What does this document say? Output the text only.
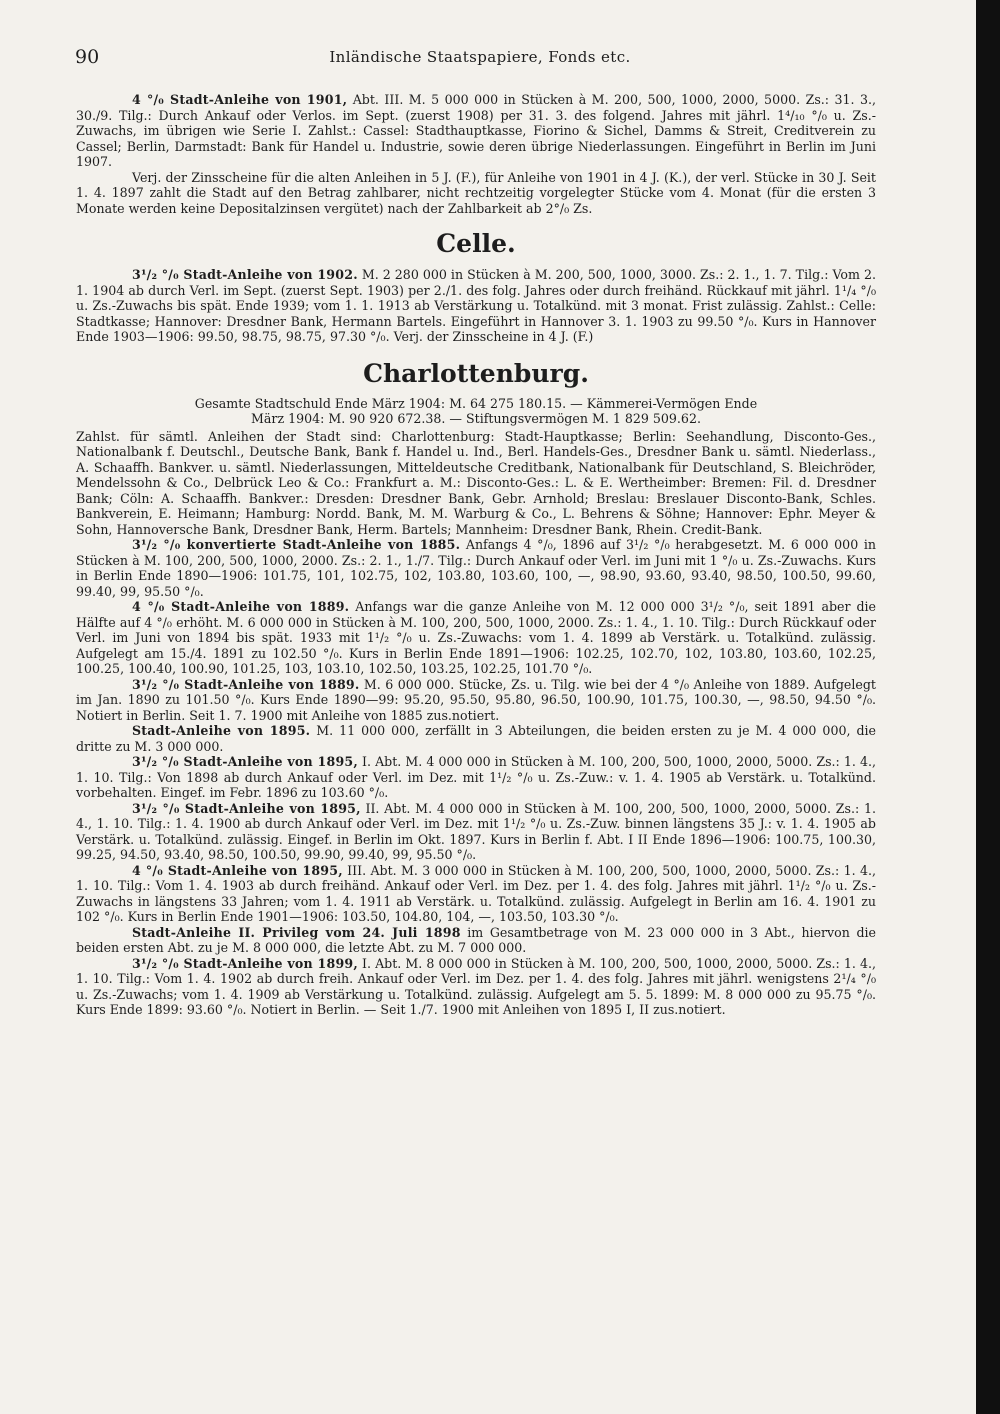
90	Inländische Staatspapiere, Fonds etc.

4 °/₀ Stadt-Anleihe von 1901, Abt. III. M. 5 000 000 in Stücken à M. 200, 500, 1000, 2000, 5000. Zs.: 31. 3., 30./9. Tilg.: Durch Ankauf oder Verlos. im Sept. (zuerst 1908) per 31. 3. des folgend. Jahres mit jährl. 1⁴/₁₀ °/₀ u. Zs.-Zuwachs, im übrigen wie Serie I. Zahlst.: Cassel: Stadthauptkasse, Fiorino & Sichel, Damms & Streit, Creditverein zu Cassel; Berlin, Darmstadt: Bank für Handel u. Industrie, sowie deren übrige Niederlassungen. Eingeführt in Berlin im Juni 1907.

Verj. der Zinsscheine für die alten Anleihen in 5 J. (F.), für Anleihe von 1901 in 4 J. (K.), der verl. Stücke in 30 J. Seit 1. 4. 1897 zahlt die Stadt auf den Betrag zahlbarer, nicht rechtzeitig vorgelegter Stücke vom 4. Monat (für die ersten 3 Monate werden keine Depositalzinsen vergütet) nach der Zahlbarkeit ab 2°/₀ Zs.

Celle.

3¹/₂ °/₀ Stadt-Anleihe von 1902. M. 2 280 000 in Stücken à M. 200, 500, 1000, 3000. Zs.: 2. 1., 1. 7. Tilg.: Vom 2. 1. 1904 ab durch Verl. im Sept. (zuerst Sept. 1903) per 2./1. des folg. Jahres oder durch freihänd. Rückkauf mit jährl. 1¹/₄ °/₀ u. Zs.-Zuwachs bis spät. Ende 1939; vom 1. 1. 1913 ab Verstärkung u. Totalkünd. mit 3 monat. Frist zulässig. Zahlst.: Celle: Stadtkasse; Hannover: Dresdner Bank, Hermann Bartels. Eingeführt in Hannover 3. 1. 1903 zu 99.50 °/₀. Kurs in Hannover Ende 1903—1906: 99.50, 98.75, 98.75, 97.30 °/₀. Verj. der Zinsscheine in 4 J. (F.)

Charlottenburg.

Gesamte Stadtschuld Ende März 1904: M. 64 275 180.15. — Kämmerei-Vermögen Ende

März 1904: M. 90 920 672.38. — Stiftungsvermögen M. 1 829 509.62.

Zahlst. für sämtl. Anleihen der Stadt sind: Charlottenburg: Stadt-Hauptkasse; Berlin: Seehandlung, Disconto-Ges., Nationalbank f. Deutschl., Deutsche Bank, Bank f. Handel u. Ind., Berl. Handels-Ges., Dresdner Bank u. sämtl. Niederlass., A. Schaaffh. Bankver. u. sämtl. Niederlassungen, Mitteldeutsche Creditbank, Nationalbank für Deutschland, S. Bleichröder, Mendelssohn & Co., Delbrück Leo & Co.: Frankfurt a. M.: Disconto-Ges.: L. & E. Wertheimber: Bremen: Fil. d. Dresdner Bank; Cöln: A. Schaaffh. Bankver.: Dresden: Dresdner Bank, Gebr. Arnhold; Breslau: Breslauer Disconto-Bank, Schles. Bankverein, E. Heimann; Hamburg: Nordd. Bank, M. M. Warburg & Co., L. Behrens & Söhne; Hannover: Ephr. Meyer & Sohn, Hannoversche Bank, Dresdner Bank, Herm. Bartels; Mannheim: Dresdner Bank, Rhein. Credit-Bank.

3¹/₂ °/₀ konvertierte Stadt-Anleihe von 1885. Anfangs 4 °/₀, 1896 auf 3¹/₂ °/₀ herabgesetzt. M. 6 000 000 in Stücken à M. 100, 200, 500, 1000, 2000. Zs.: 2. 1., 1./7. Tilg.: Durch Ankauf oder Verl. im Juni mit 1 °/₀ u. Zs.-Zuwachs. Kurs in Berlin Ende 1890—1906: 101.75, 101, 102.75, 102, 103.80, 103.60, 100, —, 98.90, 93.60, 93.40, 98.50, 100.50, 99.60, 99.40, 99, 95.50 °/₀.

4 °/₀ Stadt-Anleihe von 1889. Anfangs war die ganze Anleihe von M. 12 000 000 3¹/₂ °/₀, seit 1891 aber die Hälfte auf 4 °/₀ erhöht. M. 6 000 000 in Stücken à M. 100, 200, 500, 1000, 2000. Zs.: 1. 4., 1. 10. Tilg.: Durch Rückkauf oder Verl. im Juni von 1894 bis spät. 1933 mit 1¹/₂ °/₀ u. Zs.-Zuwachs: vom 1. 4. 1899 ab Verstärk. u. Totalkünd. zulässig. Aufgelegt am 15./4. 1891 zu 102.50 °/₀. Kurs in Berlin Ende 1891—1906: 102.25, 102.70, 102, 103.80, 103.60, 102.25, 100.25, 100.40, 100.90, 101.25, 103, 103.10, 102.50, 103.25, 102.25, 101.70 °/₀.

3¹/₂ °/₀ Stadt-Anleihe von 1889. M. 6 000 000. Stücke, Zs. u. Tilg. wie bei der 4 °/₀ Anleihe von 1889. Aufgelegt im Jan. 1890 zu 101.50 °/₀. Kurs Ende 1890—99: 95.20, 95.50, 95.80, 96.50, 100.90, 101.75, 100.30, —, 98.50, 94.50 °/₀. Notiert in Berlin. Seit 1. 7. 1900 mit Anleihe von 1885 zus.notiert.

Stadt-Anleihe von 1895. M. 11 000 000, zerfällt in 3 Abteilungen, die beiden ersten zu je M. 4 000 000, die dritte zu M. 3 000 000.

3¹/₂ °/₀ Stadt-Anleihe von 1895, I. Abt. M. 4 000 000 in Stücken à M. 100, 200, 500, 1000, 2000, 5000. Zs.: 1. 4., 1. 10. Tilg.: Von 1898 ab durch Ankauf oder Verl. im Dez. mit 1¹/₂ °/₀ u. Zs.-Zuw.: v. 1. 4. 1905 ab Verstärk. u. Totalkünd. vorbehalten. Eingef. im Febr. 1896 zu 103.60 °/₀.

3¹/₂ °/₀ Stadt-Anleihe von 1895, II. Abt. M. 4 000 000 in Stücken à M. 100, 200, 500, 1000, 2000, 5000. Zs.: 1. 4., 1. 10. Tilg.: 1. 4. 1900 ab durch Ankauf oder Verl. im Dez. mit 1¹/₂ °/₀ u. Zs.-Zuw. binnen längstens 35 J.: v. 1. 4. 1905 ab Verstärk. u. Totalkünd. zulässig. Eingef. in Berlin im Okt. 1897. Kurs in Berlin f. Abt. I II Ende 1896—1906: 100.75, 100.30, 99.25, 94.50, 93.40, 98.50, 100.50, 99.90, 99.40, 99, 95.50 °/₀.

4 °/₀ Stadt-Anleihe von 1895, III. Abt. M. 3 000 000 in Stücken à M. 100, 200, 500, 1000, 2000, 5000. Zs.: 1. 4., 1. 10. Tilg.: Vom 1. 4. 1903 ab durch freihänd. Ankauf oder Verl. im Dez. per 1. 4. des folg. Jahres mit jährl. 1¹/₂ °/₀ u. Zs.-Zuwachs in längstens 33 Jahren; vom 1. 4. 1911 ab Verstärk. u. Totalkünd. zulässig. Aufgelegt in Berlin am 16. 4. 1901 zu 102 °/₀. Kurs in Berlin Ende 1901—1906: 103.50, 104.80, 104, —, 103.50, 103.30 °/₀.

Stadt-Anleihe II. Privileg vom 24. Juli 1898 im Gesamtbetrage von M. 23 000 000 in 3 Abt., hiervon die beiden ersten Abt. zu je M. 8 000 000, die letzte Abt. zu M. 7 000 000.

3¹/₂ °/₀ Stadt-Anleihe von 1899, I. Abt. M. 8 000 000 in Stücken à M. 100, 200, 500, 1000, 2000, 5000. Zs.: 1. 4., 1. 10. Tilg.: Vom 1. 4. 1902 ab durch freih. Ankauf oder Verl. im Dez. per 1. 4. des folg. Jahres mit jährl. wenigstens 2¹/₄ °/₀ u. Zs.-Zuwachs; vom 1. 4. 1909 ab Verstärkung u. Totalkünd. zulässig. Aufgelegt am 5. 5. 1899: M. 8 000 000 zu 95.75 °/₀. Kurs Ende 1899: 93.60 °/₀. Notiert in Berlin. — Seit 1./7. 1900 mit Anleihen von 1895 I, II zus.notiert.
